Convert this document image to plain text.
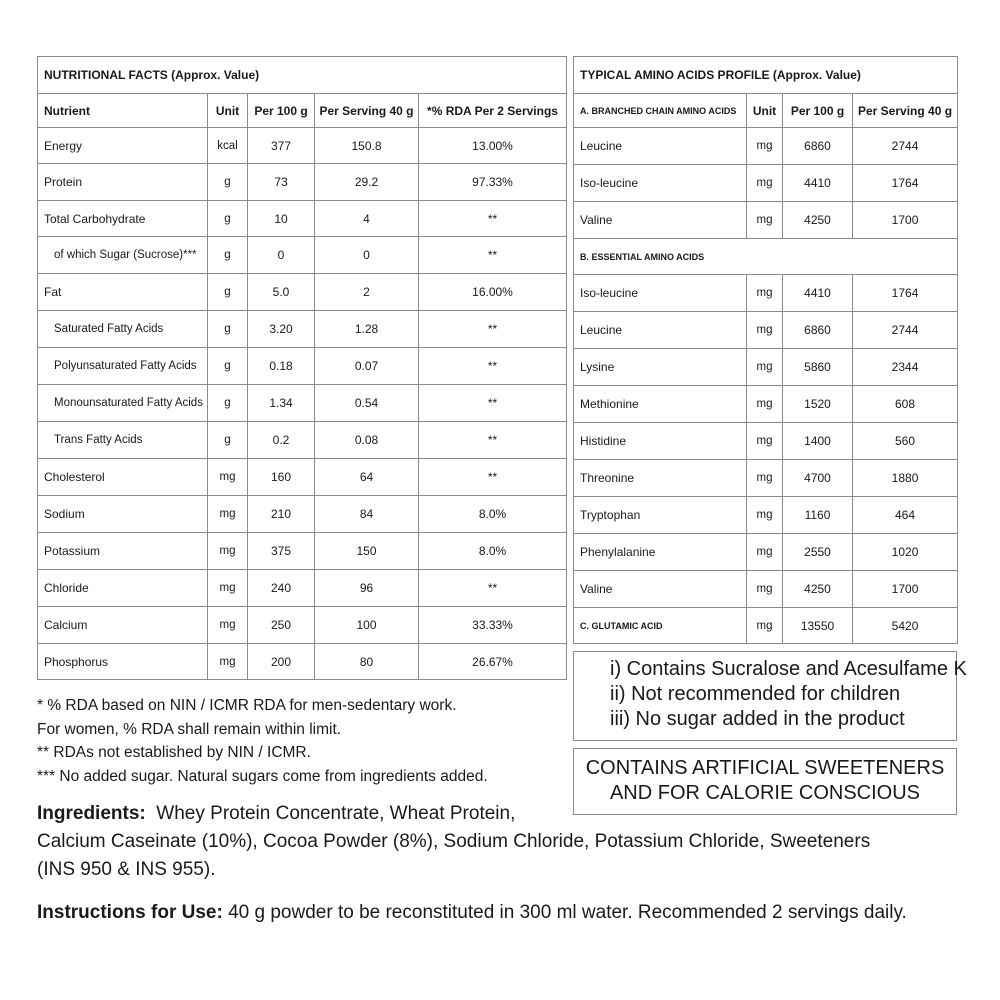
NUTRITIONAL FACTS (Approx. Value)				
Nutrient	Unit	Per 100 g	Per Serving 40 g	*% RDA Per 2 Servings
Energy	kcal	377	150.8	13.00%
Protein	g	73	29.2	97.33%
Total Carbohydrate	g	10	4	**
of which Sugar (Sucrose)***	g	0	0	**
Fat	g	5.0	2	16.00%
Saturated Fatty Acids	g	3.20	1.28	**
Polyunsaturated Fatty Acids	g	0.18	0.07	**
Monounsaturated Fatty Acids	g	1.34	0.54	**
Trans Fatty Acids	g	0.2	0.08	**
Cholesterol	mg	160	64	**
Sodium	mg	210	84	8.0%
Potassium	mg	375	150	8.0%
Chloride	mg	240	96	**
Calcium	mg	250	100	33.33%
Phosphorus	mg	200	80	26.67%
TYPICAL AMINO ACIDS PROFILE (Approx. Value)			
A. BRANCHED CHAIN AMINO ACIDS	Unit	Per 100 g	Per Serving 40 g
Leucine	mg	6860	2744
Iso-leucine	mg	4410	1764
Valine	mg	4250	1700
B. ESSENTIAL AMINO ACIDS			
Iso-leucine	mg	4410	1764
Leucine	mg	6860	2744
Lysine	mg	5860	2344
Methionine	mg	1520	608
Histidine	mg	1400	560
Threonine	mg	4700	1880
Tryptophan	mg	1160	464
Phenylalanine	mg	2550	1020
Valine	mg	4250	1700
C. GLUTAMIC ACID	mg	13550	5420
* % RDA based on NIN / ICMR RDA for men-sedentary work.
For women, % RDA shall remain within limit.
** RDAs not established by NIN / ICMR.
*** No added sugar. Natural sugars come from ingredients added.
i) Contains Sucralose and Acesulfame K
ii) Not recommended for children
iii) No sugar added in the product
CONTAINS ARTIFICIAL SWEETENERS
AND FOR CALORIE CONSCIOUS
Ingredients: Whey Protein Concentrate, Wheat Protein,
Calcium Caseinate (10%), Cocoa Powder (8%), Sodium Chloride, Potassium Chloride, Sweeteners
(INS 950 & INS 955).
Instructions for Use: 40 g powder to be reconstituted in 300 ml water. Recommended 2 servings daily.
